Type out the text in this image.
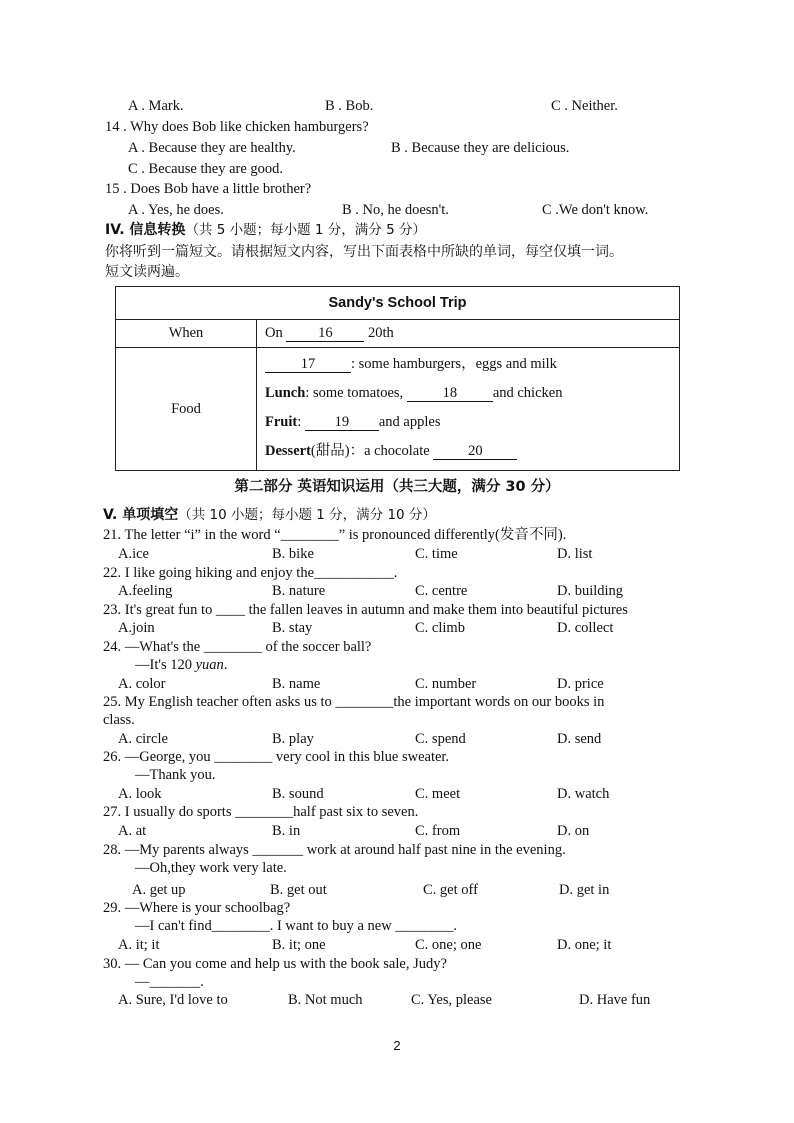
A . Mark.	B . Bob.	C . Neither.
14 . Why does Bob like chicken hamburgers?
A . Because they are healthy.	B . Because they are delicious.
C . Because they are good.
15 . Does Bob have a little brother?
A . Yes, he does.	B . No, he doesn't.	C .We don't know.
IV. 信息转换（共 5 小题；每小题 1 分，满分 5 分）
你将听到一篇短文。请根据短文内容，写出下面表格中所缺的单词，每空仅填一词。
短文读两遍。
Sandy's School Trip	
When	On 16 20th
Food	17 : some hamburgers，eggs and milk
Lunch: some tomatoes, 18 and chicken
Fruit: 19 and apples
Dessert(甜品)：a chocolate 20
第二部分 英语知识运用（共三大题，满分 30 分）
V. 单项填空（共 10 小题；每小题 1 分，满分 10 分）
21. The letter “i” in the word “________” is pronounced differently(发音不同).
A.ice	B. bike	C. time	D. list
22. I like going hiking and enjoy the___________.
A.feeling	B. nature	C. centre	D. building
23. It's great fun to ____ the fallen leaves in autumn and make them into beautiful pictures
A.join	B. stay	C. climb	D. collect
24. —What's the ________ of the soccer ball?
—It's 120 yuan.
A. color	B. name	C. number	D. price
25. My English teacher often asks us to ________the important words on our books in
class.
A. circle	B. play	C. spend	D. send
26. —George, you ________ very cool in this blue sweater.
—Thank you.
A. look	B. sound	C. meet	D. watch
27. I usually do sports ________half past six to seven.
A. at	B. in	C. from	D. on
28. —My parents always _______ work at around half past nine in the evening.
—Oh,they work very late.
A. get up	B. get out	C. get off	D. get in
29. —Where is your schoolbag?
—I can't find________. I want to buy a new ________.
A. it; it	B. it; one	C. one; one	D. one; it
30. — Can you come and help us with the book sale, Judy?
—_______.
A. Sure, I'd love to	B. Not much	C. Yes, please	D. Have fun
2
